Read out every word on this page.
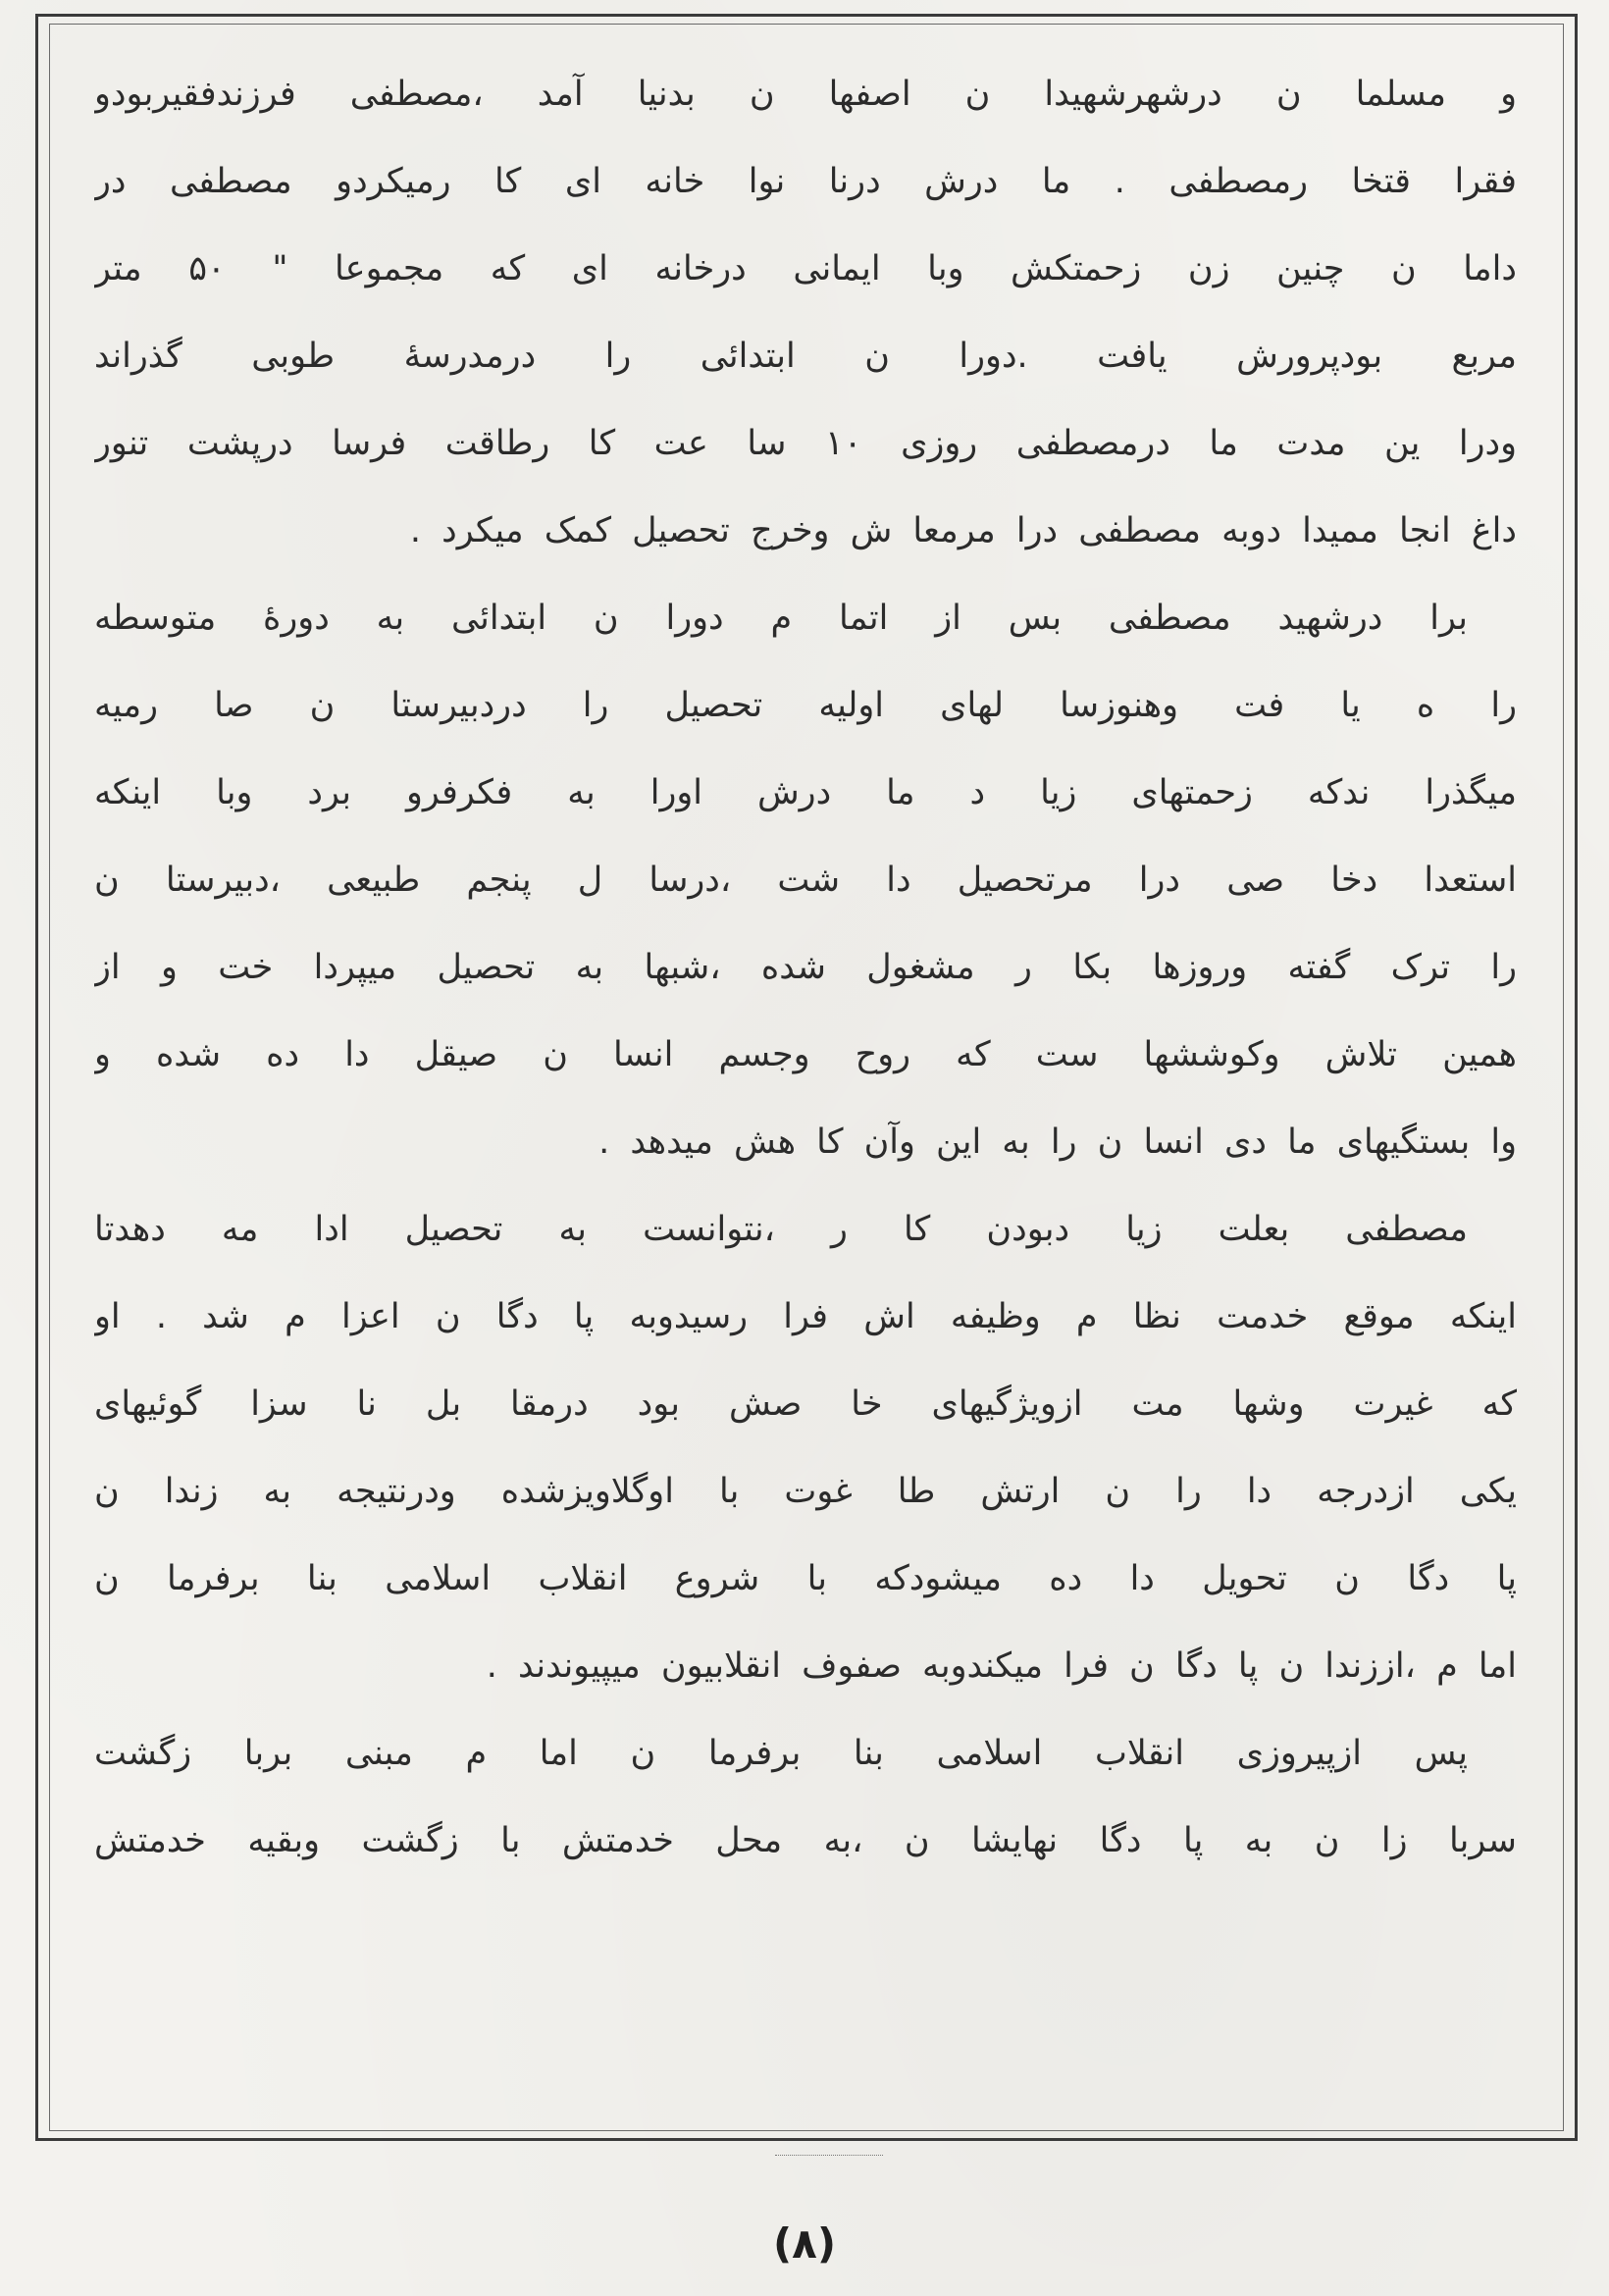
و مسلما ن درشهرشهیدا ن اصفها ن بدنیا آمد ،مصطفی فرزندفقیربودو
فقرا قتخا رمصطفی . ما درش درنا نوا خانه ای کا رمیکردو مصطفی در
داما ن چنین زن زحمتکش وبا ایمانی درخانه ای که مجموعا " ۵۰ متر
مربع بودپرورش یافت .دورا ن ابتدائی را درمدرسهٔ طوبی گذراند
ودرا ین مدت ما درمصطفی روزی ۱۰ سا عت کا رطاقت فرسا درپشت تنور
داغ انجا ممیدا دوبه مصطفی درا مرمعا ش وخرج تحصیل کمک میکرد .
برا درشهید مصطفی بس از اتما م دورا ن ابتدائی به دورهٔ متوسطه
را ه یا فت وهنوزسا لهای اولیه تحصیل را دردبیرستا ن صا رمیه
میگذرا ندکه زحمتهای زیا د ما درش اورا به فکرفرو برد وبا اینکه
استعدا دخا صی درا مرتحصیل دا شت ،درسا ل پنجم طبیعی ،دبیرستا ن
را ترک گفته وروزها بکا ر مشغول شده ،شبها به تحصیل میپردا خت و از
همین تلاش وکوششها ست که روح وجسم انسا ن صیقل دا ده شده و
وا بستگیهای ما دی انسا ن را به این وآن کا هش میدهد .
مصطفی بعلت زیا دبودن کا ر ،نتوانست به تحصیل ادا مه دهدتا
اینکه موقع خدمت نظا م وظیفه اش فرا رسیدوبه پا دگا ن اعزا م شد . او
که غیرت وشها مت ازویژگیهای خا صش بود درمقا بل نا سزا گوئیهای
یکی ازدرجه دا را ن ارتش طا غوت با اوگلاویزشده ودرنتیجه به زندا ن
پا دگا ن تحویل دا ده میشودکه با شروع انقلاب اسلامی بنا برفرما ن
اما م ،اززندا ن پا دگا ن فرا میکندوبه صفوف انقلابیون میپیوندند .
پس ازپیروزی انقلاب اسلامی بنا برفرما ن اما م مبنی بربا زگشت
سربا زا ن به پا دگا نهایشا ن ،به محل خدمتش با زگشت وبقیه خدمتش
(۸)
